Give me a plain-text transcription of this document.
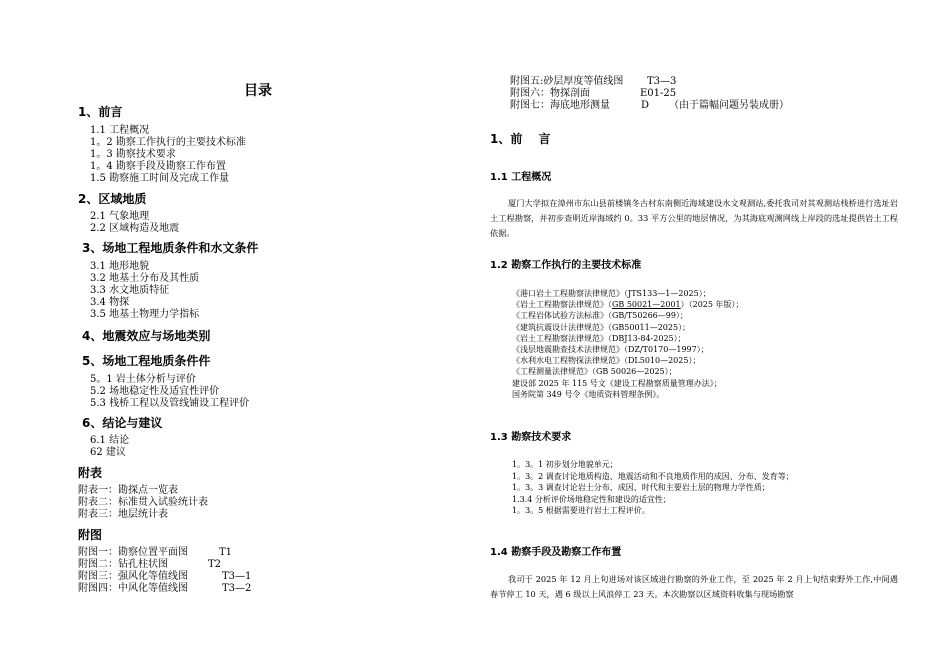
目录
1、前言
1.1 工程概况
1。2 勘察工作执行的主要技术标准
1。3 勘察技术要求
1。4 勘察手段及勘察工作布置
1.5 勘察施工时间及完成工作量
2、区域地质
2.1 气象地理
2.2 区域构造及地震
3、场地工程地质条件和水文条件
3.1 地形地貌
3.2 地基土分布及其性质
3.3 水文地质特征
3.4 物探
3.5 地基土物理力学指标
4、地震效应与场地类别
5、场地工程地质条件件
5。1 岩土体分析与评价
5.2 场地稳定性及适宜性评价
5.3 栈桥工程以及管线铺设工程评价
6、结论与建议
6.1 结论
62 建议
附表
附表一：勘探点一览表
附表二：标准贯入试验统计表
附表三：地层统计表
附图
附图一：勘察位置平面图	T1
附图二：钻孔柱状图	T2
附图三：强风化等值线图	T3—1
附图四：中风化等值线图	T3—2
附图五:砂层厚度等值线图 T3—3
附图六：物探剖面	E01-25
附图七：海底地形测量	D （由于篇幅问题另装成册）
1、前　 言
1.1 工程概况
厦门大学拟在漳州市东山县前楼镇冬古村东南侧近海域建设水文观测站,委托我司对其观测站栈桥进行选址岩土工程勘察，并初步查明近岸海域约 0。33 平方公里的地层情况，为其海底观测网线上岸段的选址提供岩土工程依据。
1.2 勘察工作执行的主要技术标准
《港口岩土工程勘察法律规范》（JTS133—1—2025）；
《岩土工程勘察法律规范》（GB 50021—2001）（2025 年版）；
《工程岩体试验方法标准》（GB/T50266—99）；
《建筑抗震设计法律规范》（GB50011—2025）；
《岩土工程勘察法律规范》（DBJ13-84-2025）；
《浅层地震勘查技术法律规范》（DZ/T0170—1997）；
《水利水电工程物探法律规范》（DL5010—2025）；
《工程测量法律规范》（GB 50026—2025）；
建设部 2025 年 115 号文《建设工程勘察质量管理办法》；
国务院第 349 号令《地质资料管理条例》。
1.3 勘察技术要求
1。3。1 初步划分地貌单元；
1。3。2 调查讨论地质构造、地震活动和不良地质作用的成因、分布、发育等；
1。3。3 调查讨论岩土分布、成因、时代和主要岩土层的物理力学性质；
1.3.4 分析评价场地稳定性和建设的适宜性；
1。3。5 根据需要进行岩土工程评价。
1.4 勘察手段及勘察工作布置
我司于 2025 年 12 月上旬进场对该区域进行勘察的外业工作，至 2025 年 2 月上旬结束野外工作,中间遇春节停工 10 天，遇 6 级以上风浪停工 23 天。本次勘察以区域资料收集与现场勘察
